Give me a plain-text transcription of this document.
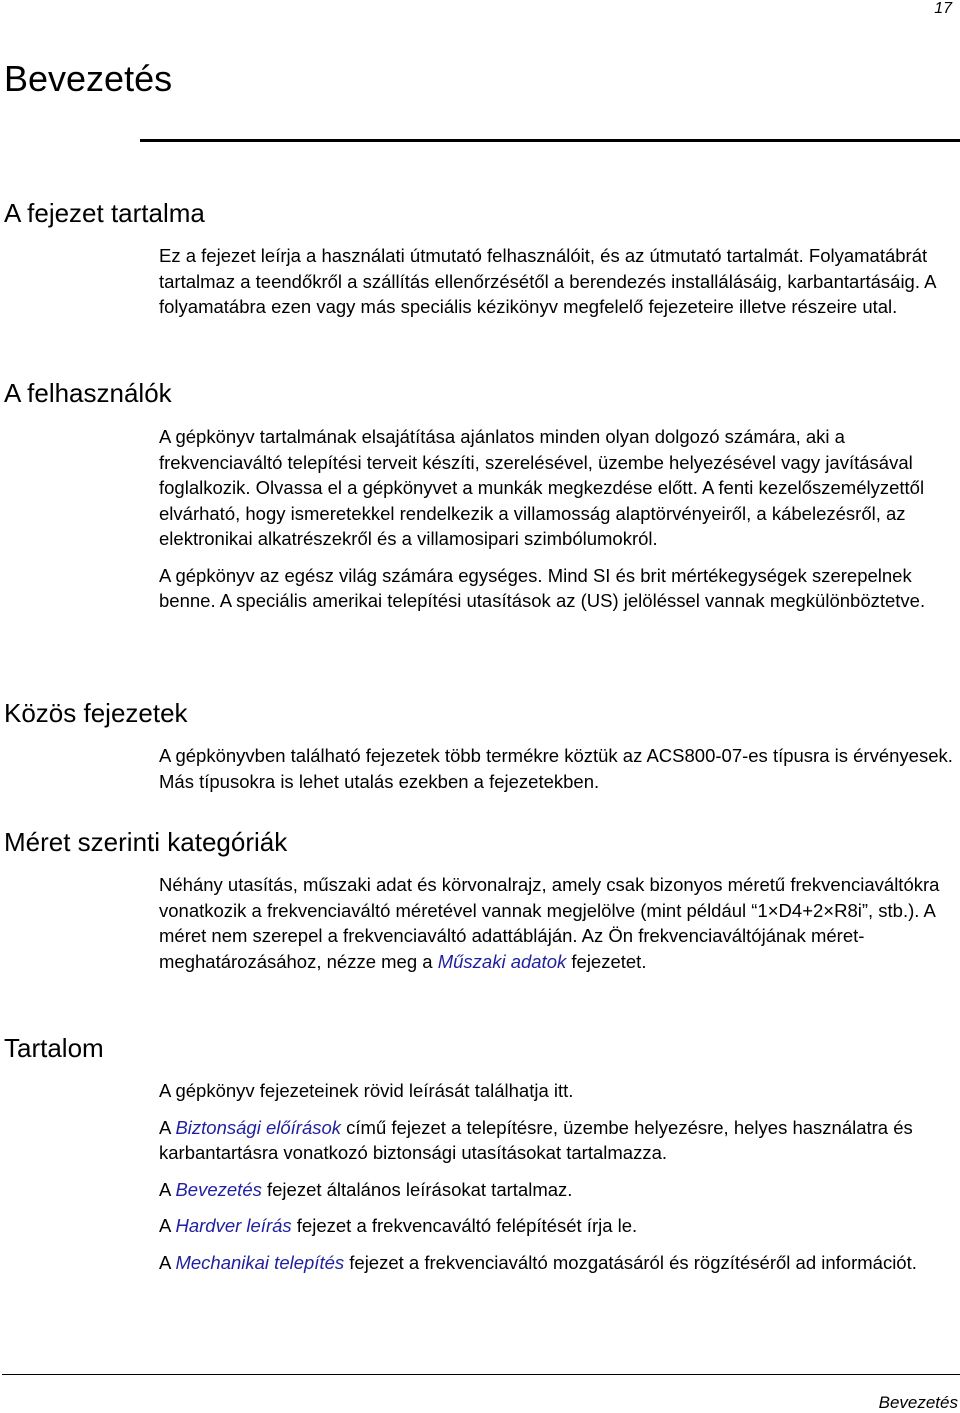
17
Bevezetés
A fejezet tartalma

Ez a fejezet leírja a használati útmutató felhasználóit, és az útmutató tartalmát. Folyamatábrát tartalmaz a teendőkről a szállítás ellenőrzésétől a berendezés installálásáig, karbantartásáig. A folyamatábra ezen vagy más speciális kézikönyv megfelelő fejezeteire illetve részeire utal.

A felhasználók

A gépkönyv tartalmának elsajátítása ajánlatos minden olyan dolgozó számára, aki a frekvenciaváltó telepítési terveit készíti, szerelésével, üzembe helyezésével vagy javításával foglalkozik. Olvassa el a gépkönyvet a munkák megkezdése előtt. A fenti kezelőszemélyzettől elvárható, hogy ismeretekkel rendelkezik a villamosság alaptörvényeiről, a kábelezésről, az elektronikai alkatrészekről és a villamosipari szimbólumokról.

A gépkönyv az egész világ számára egységes. Mind SI és brit mértékegységek szerepelnek benne. A speciális amerikai telepítési utasítások az (US) jelöléssel vannak megkülönböztetve.

Közös fejezetek

A gépkönyvben található fejezetek több termékre köztük az ACS800-07-es típusra is érvényesek. Más típusokra is lehet utalás ezekben a fejezetekben.

Méret szerinti kategóriák

Néhány utasítás, műszaki adat és körvonalrajz, amely csak bizonyos méretű frekvenciaváltókra vonatkozik a frekvenciaváltó méretével vannak megjelölve (mint például “1×D4+2×R8i”, stb.). A méret nem szerepel a frekvenciaváltó adattábláján. Az Ön frekvenciaváltójának méret-meghatározásához, nézze meg a Műszaki adatok fejezetet.

Tartalom

A gépkönyv fejezeteinek rövid leírását találhatja itt.

A Biztonsági előírások című fejezet a telepítésre, üzembe helyezésre, helyes használatra és karbantartásra vonatkozó biztonsági utasításokat tartalmazza.

A Bevezetés fejezet általános leírásokat tartalmaz.

A Hardver leírás fejezet a frekvencaváltó felépítését írja le.

A Mechanikai telepítés fejezet a frekvenciaváltó mozgatásáról és rögzítéséről ad információt.

Bevezetés
